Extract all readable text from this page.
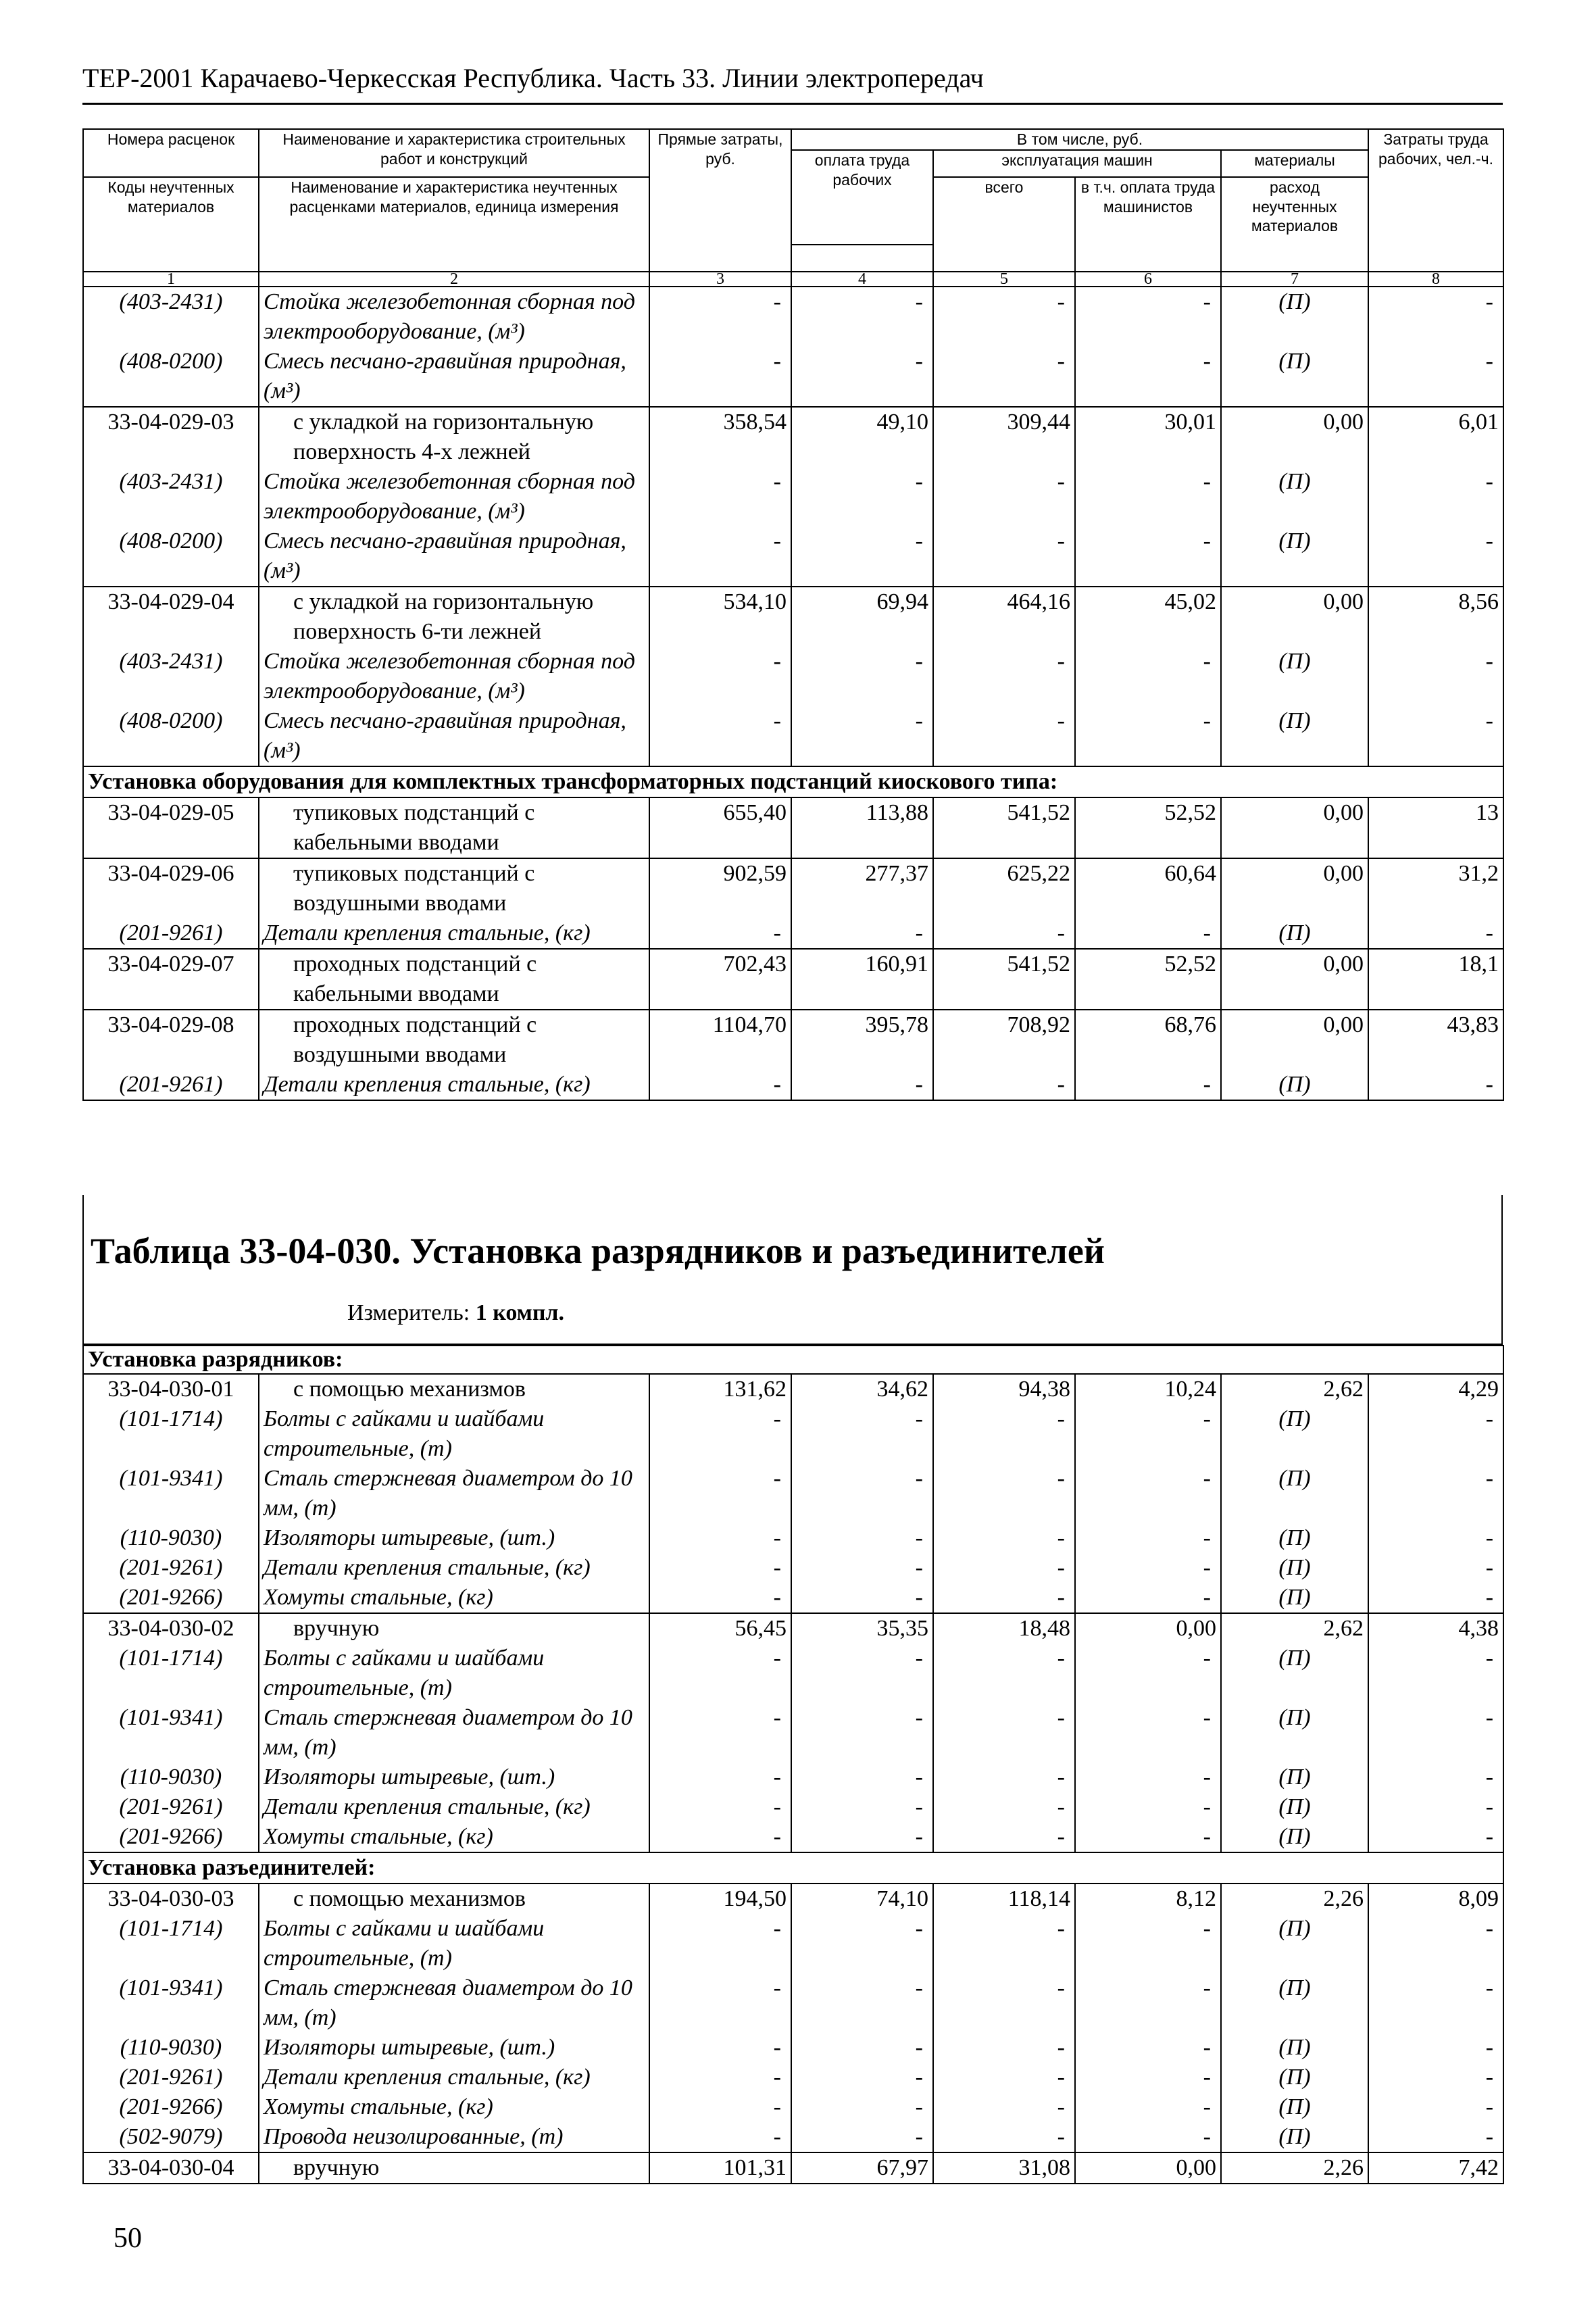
ТЕР-2001 Карачаево-Черкесская Республика. Часть 33. Линии электропередач
Номера расценок	Наименование и характеристика строительных работ и конструкций	Прямые затраты, руб.	В том числе, руб.				Затраты труда рабочих, чел.-ч.
			оплата труда рабочих	эксплуатация машин		материалы	
Коды неучтенных материалов	Наименование и характеристика неучтенных расценками материалов, единица измерения			всего	в т.ч. оплата труда машинистов	расход неучтенных материалов	

1	2	3	4	5	6	7	8
(403-2431)	Стойка железобетонная сборная под электрооборудование, (м³)	-	-	-	-	(П)	-
(408-0200)	Смесь песчано-гравийная природная, (м³)	-	-	-	-	(П)	-
33-04-029-03	с укладкой на горизонтальную поверхность 4-х лежней	358,54	49,10	309,44	30,01	0,00	6,01
(403-2431)	Стойка железобетонная сборная под электрооборудование, (м³)	-	-	-	-	(П)	-
(408-0200)	Смесь песчано-гравийная природная, (м³)	-	-	-	-	(П)	-
33-04-029-04	с укладкой на горизонтальную поверхность 6-ти лежней	534,10	69,94	464,16	45,02	0,00	8,56
(403-2431)	Стойка железобетонная сборная под электрооборудование, (м³)	-	-	-	-	(П)	-
(408-0200)	Смесь песчано-гравийная природная, (м³)	-	-	-	-	(П)	-
Установка оборудования для комплектных трансформаторных подстанций киоскового типа:							
33-04-029-05	тупиковых подстанций с кабельными вводами	655,40	113,88	541,52	52,52	0,00	13
33-04-029-06	тупиковых подстанций с воздушными вводами	902,59	277,37	625,22	60,64	0,00	31,2
(201-9261)	Детали крепления стальные, (кг)	-	-	-	-	(П)	-
33-04-029-07	проходных подстанций с кабельными вводами	702,43	160,91	541,52	52,52	0,00	18,1
33-04-029-08	проходных подстанций с воздушными вводами	1104,70	395,78	708,92	68,76	0,00	43,83
(201-9261)	Детали крепления стальные, (кг)	-	-	-	-	(П)	-
Таблица 33-04-030. Установка разрядников и разъединителей
Измеритель: 1 компл.
Установка разрядников:							
33-04-030-01	с помощью механизмов	131,62	34,62	94,38	10,24	2,62	4,29
(101-1714)	Болты с гайками и шайбами строительные, (т)	-	-	-	-	(П)	-
(101-9341)	Сталь стержневая диаметром до 10 мм, (т)	-	-	-	-	(П)	-
(110-9030)	Изоляторы штыревые, (шт.)	-	-	-	-	(П)	-
(201-9261)	Детали крепления стальные, (кг)	-	-	-	-	(П)	-
(201-9266)	Хомуты стальные, (кг)	-	-	-	-	(П)	-
33-04-030-02	вручную	56,45	35,35	18,48	0,00	2,62	4,38
(101-1714)	Болты с гайками и шайбами строительные, (т)	-	-	-	-	(П)	-
(101-9341)	Сталь стержневая диаметром до 10 мм, (т)	-	-	-	-	(П)	-
(110-9030)	Изоляторы штыревые, (шт.)	-	-	-	-	(П)	-
(201-9261)	Детали крепления стальные, (кг)	-	-	-	-	(П)	-
(201-9266)	Хомуты стальные, (кг)	-	-	-	-	(П)	-
Установка разъединителей:							
33-04-030-03	с помощью механизмов	194,50	74,10	118,14	8,12	2,26	8,09
(101-1714)	Болты с гайками и шайбами строительные, (т)	-	-	-	-	(П)	-
(101-9341)	Сталь стержневая диаметром до 10 мм, (т)	-	-	-	-	(П)	-
(110-9030)	Изоляторы штыревые, (шт.)	-	-	-	-	(П)	-
(201-9261)	Детали крепления стальные, (кг)	-	-	-	-	(П)	-
(201-9266)	Хомуты стальные, (кг)	-	-	-	-	(П)	-
(502-9079)	Провода неизолированные, (т)	-	-	-	-	(П)	-
33-04-030-04	вручную	101,31	67,97	31,08	0,00	2,26	7,42
50
